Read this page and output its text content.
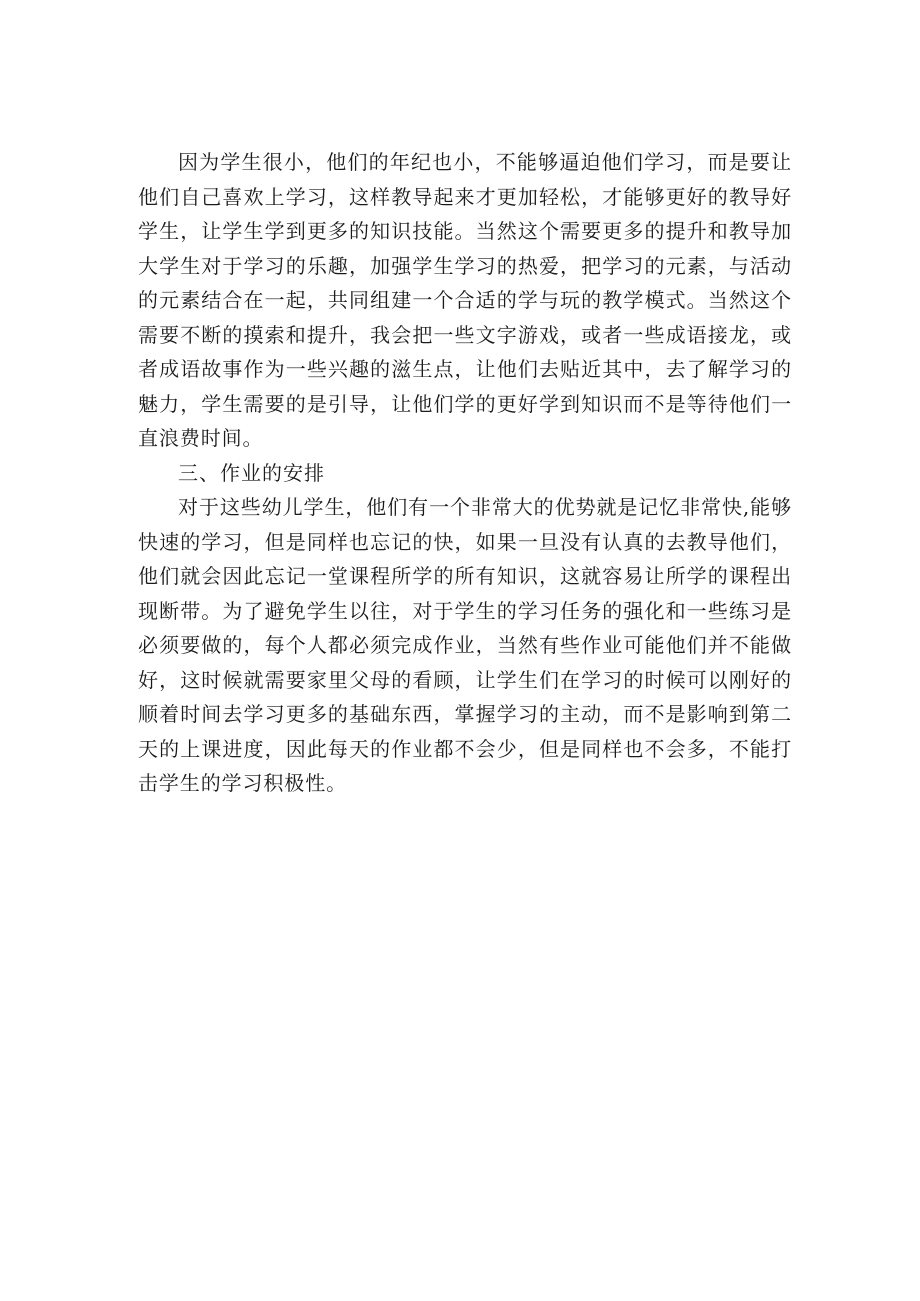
因为学生很小，他们的年纪也小，不能够逼迫他们学习，而是要让他们自己喜欢上学习，这样教导起来才更加轻松，才能够更好的教导好学生，让学生学到更多的知识技能。当然这个需要更多的提升和教导加大学生对于学习的乐趣，加强学生学习的热爱，把学习的元素，与活动的元素结合在一起，共同组建一个合适的学与玩的教学模式。当然这个需要不断的摸索和提升，我会把一些文字游戏，或者一些成语接龙，或者成语故事作为一些兴趣的滋生点，让他们去贴近其中，去了解学习的魅力，学生需要的是引导，让他们学的更好学到知识而不是等待他们一直浪费时间。

三、作业的安排

对于这些幼儿学生，他们有一个非常大的优势就是记忆非常快,能够快速的学习，但是同样也忘记的快，如果一旦没有认真的去教导他们，他们就会因此忘记一堂课程所学的所有知识，这就容易让所学的课程出现断带。为了避免学生以往，对于学生的学习任务的强化和一些练习是必须要做的，每个人都必须完成作业，当然有些作业可能他们并不能做好，这时候就需要家里父母的看顾，让学生们在学习的时候可以刚好的顺着时间去学习更多的基础东西，掌握学习的主动，而不是影响到第二天的上课进度，因此每天的作业都不会少，但是同样也不会多，不能打击学生的学习积极性。
